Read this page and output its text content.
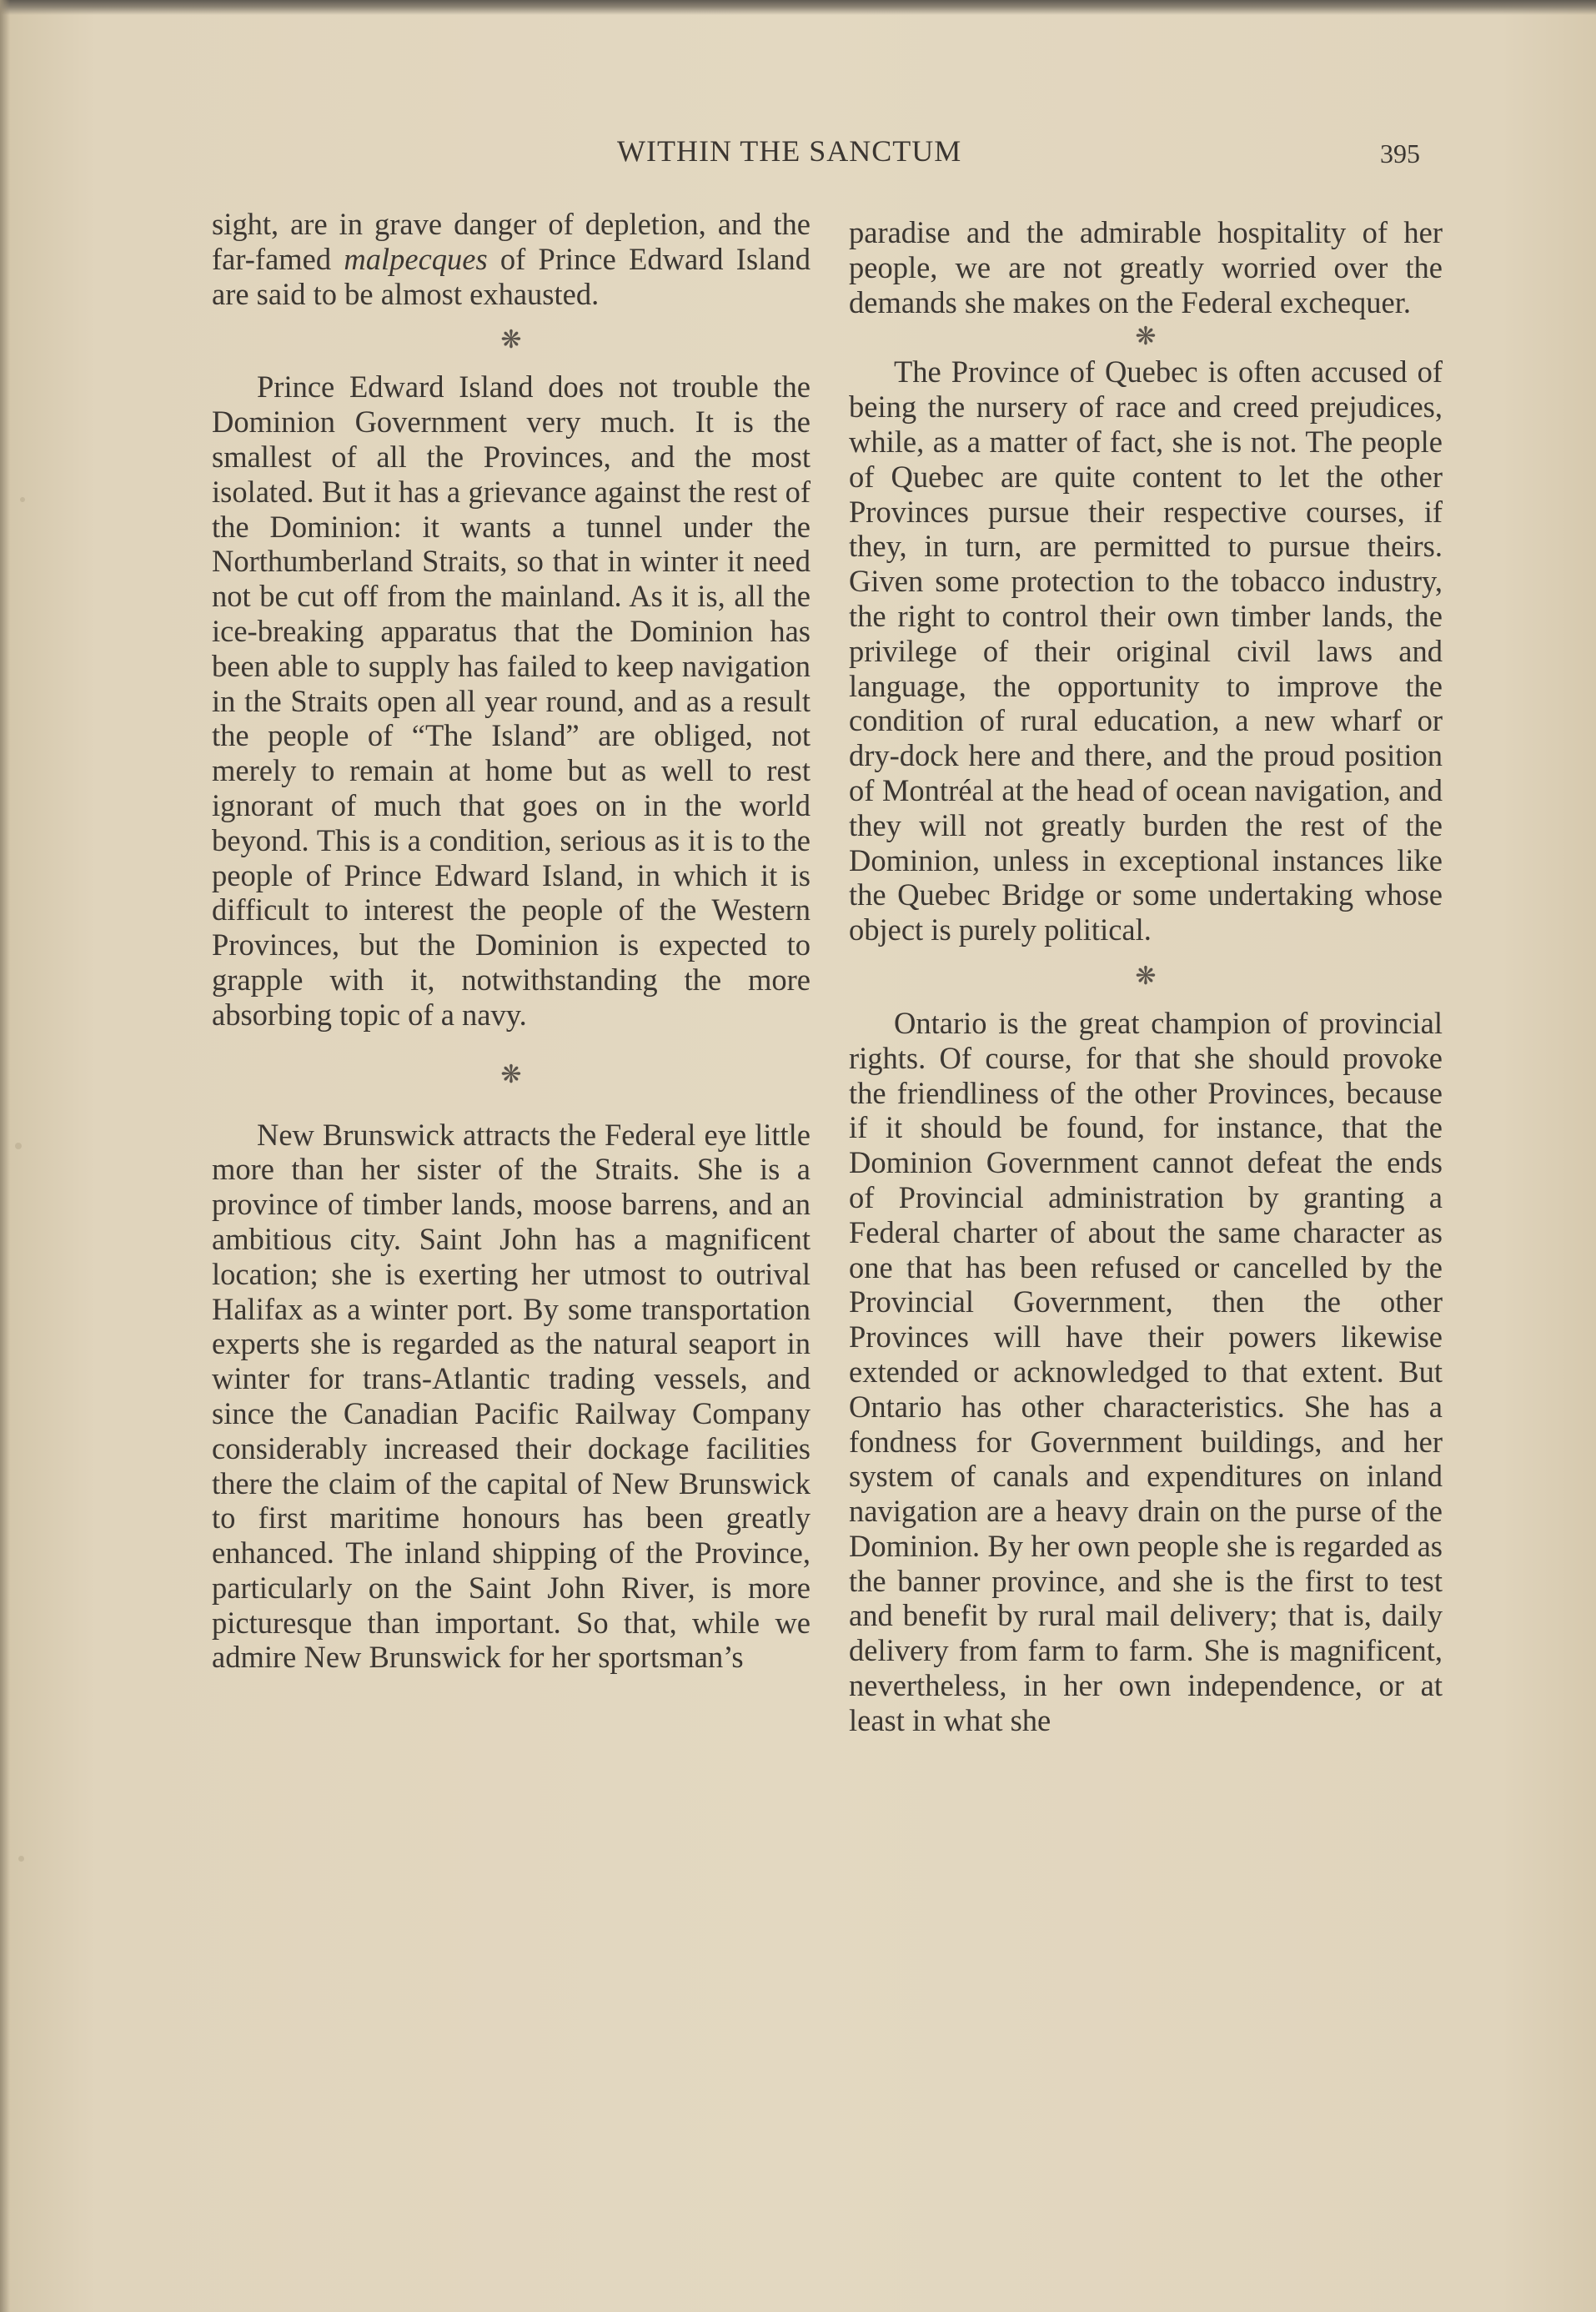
WITHIN THE SANCTUM	395

sight, are in grave danger of depletion, and the far-famed malpecques of Prince Edward Island are said to be almost exhausted.

❋

Prince Edward Island does not trouble the Dominion Government very much. It is the smallest of all the Provinces, and the most isolated. But it has a grievance against the rest of the Dominion: it wants a tunnel under the Northumberland Straits, so that in winter it need not be cut off from the mainland. As it is, all the ice-breaking apparatus that the Dominion has been able to supply has failed to keep navigation in the Straits open all year round, and as a result the people of “The Island” are obliged, not merely to remain at home but as well to rest ignorant of much that goes on in the world beyond. This is a condition, serious as it is to the people of Prince Edward Island, in which it is difficult to interest the people of the Western Provinces, but the Dominion is expected to grapple with it, notwithstanding the more absorbing topic of a navy.

❋

New Brunswick attracts the Federal eye little more than her sister of the Straits. She is a province of timber lands, moose barrens, and an ambitious city. Saint John has a magnificent location; she is exerting her utmost to outrival Halifax as a winter port. By some transportation experts she is regarded as the natural seaport in winter for trans-Atlantic trading vessels, and since the Canadian Pacific Railway Company considerably increased their dockage facilities there the claim of the capital of New Brunswick to first maritime honours has been greatly enhanced. The inland shipping of the Province, particularly on the Saint John River, is more picturesque than important. So that, while we admire New Brunswick for her sportsman’s

paradise and the admirable hospitality of her people, we are not greatly worried over the demands she makes on the Federal exchequer.

❋

The Province of Quebec is often accused of being the nursery of race and creed prejudices, while, as a matter of fact, she is not. The people of Quebec are quite content to let the other Provinces pursue their respective courses, if they, in turn, are permitted to pursue theirs. Given some protection to the tobacco industry, the right to control their own timber lands, the privilege of their original civil laws and language, the opportunity to improve the condition of rural education, a new wharf or dry-dock here and there, and the proud position of Montréal at the head of ocean navigation, and they will not greatly burden the rest of the Dominion, unless in exceptional instances like the Quebec Bridge or some undertaking whose object is purely political.

❋

Ontario is the great champion of provincial rights. Of course, for that she should provoke the friendliness of the other Provinces, because if it should be found, for instance, that the Dominion Government cannot defeat the ends of Provincial administration by granting a Federal charter of about the same character as one that has been refused or cancelled by the Provincial Government, then the other Provinces will have their powers likewise extended or acknowledged to that extent. But Ontario has other characteristics. She has a fondness for Government buildings, and her system of canals and expenditures on inland navigation are a heavy drain on the purse of the Dominion. By her own people she is regarded as the banner province, and she is the first to test and benefit by rural mail delivery; that is, daily delivery from farm to farm. She is magnificent, nevertheless, in her own independence, or at least in what she
